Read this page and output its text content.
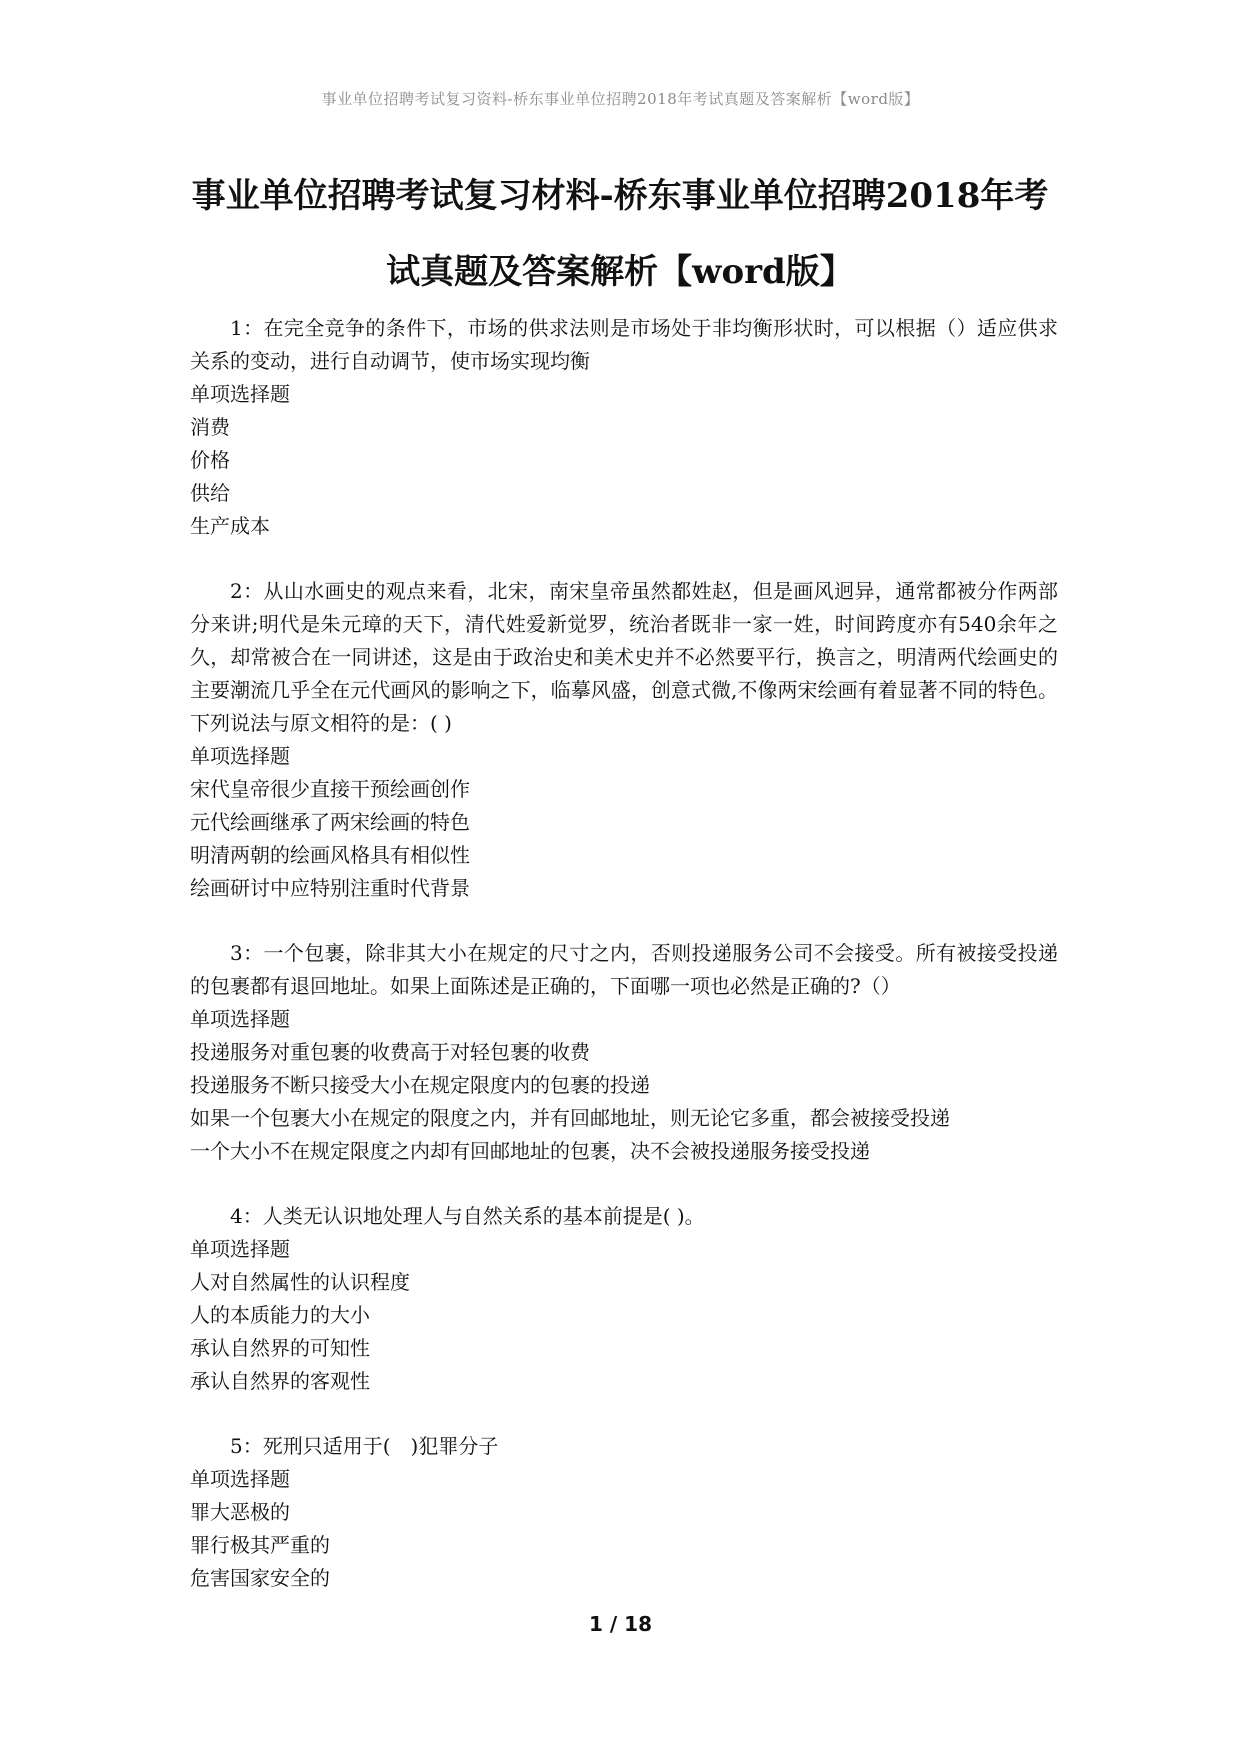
事业单位招聘考试复习资料-桥东事业单位招聘2018年考试真题及答案解析【word版】
事业单位招聘考试复习材料-桥东事业单位招聘2018年考
试真题及答案解析【word版】

1：在完全竞争的条件下，市场的供求法则是市场处于非均衡形状时，可以根据（）适应供求关系的变动，进行自动调节，使市场实现均衡

单项选择题

消费

价格

供给

生产成本

2：从山水画史的观点来看，北宋，南宋皇帝虽然都姓赵，但是画风迥异，通常都被分作两部分来讲;明代是朱元璋的天下，清代姓爱新觉罗，统治者既非一家一姓，时间跨度亦有540余年之久，却常被合在一同讲述，这是由于政治史和美术史并不必然要平行，换言之，明清两代绘画史的主要潮流几乎全在元代画风的影响之下，临摹风盛，创意式微,不像两宋绘画有着显著不同的特色。下列说法与原文相符的是：( )

单项选择题

宋代皇帝很少直接干预绘画创作

元代绘画继承了两宋绘画的特色

明清两朝的绘画风格具有相似性

绘画研讨中应特别注重时代背景

3：一个包裹，除非其大小在规定的尺寸之内，否则投递服务公司不会接受。所有被接受投递的包裹都有退回地址。如果上面陈述是正确的，下面哪一项也必然是正确的?（）

单项选择题

投递服务对重包裹的收费高于对轻包裹的收费

投递服务不断只接受大小在规定限度内的包裹的投递

如果一个包裹大小在规定的限度之内，并有回邮地址，则无论它多重，都会被接受投递

一个大小不在规定限度之内却有回邮地址的包裹，决不会被投递服务接受投递

4：人类无认识地处理人与自然关系的基本前提是( )。

单项选择题

人对自然属性的认识程度

人的本质能力的大小

承认自然界的可知性

承认自然界的客观性

5：死刑只适用于(　)犯罪分子

单项选择题

罪大恶极的

罪行极其严重的

危害国家安全的

1 / 18
